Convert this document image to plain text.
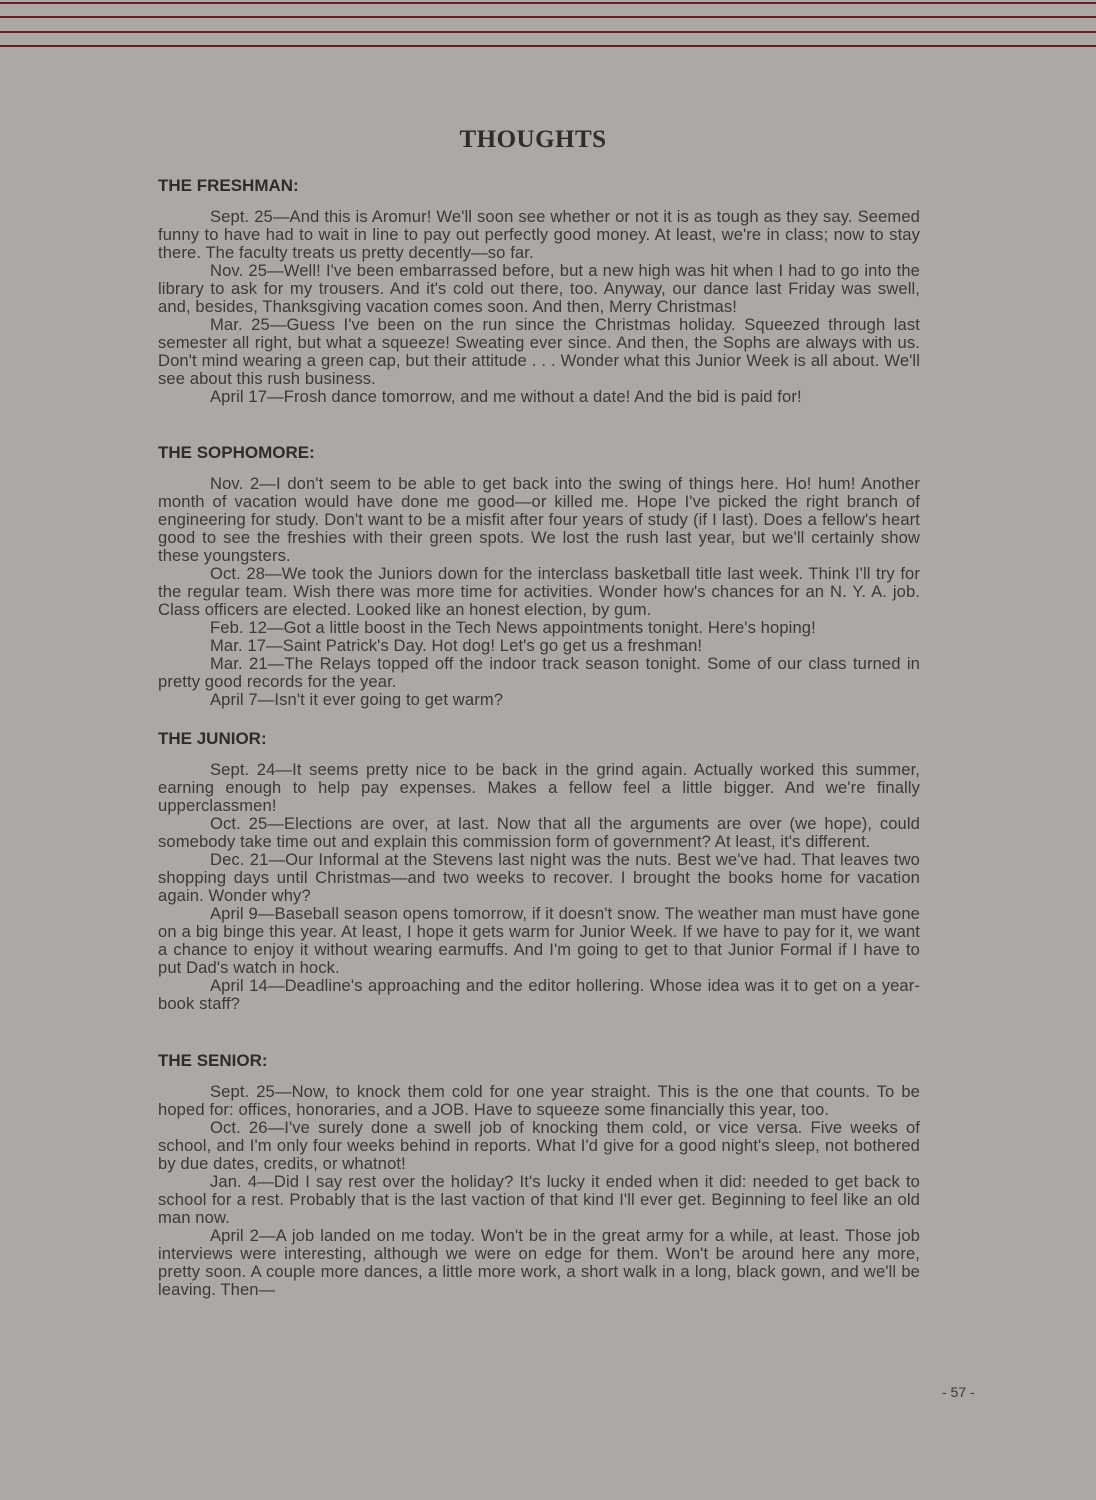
THOUGHTS
THE FRESHMAN:

Sept. 25—And this is Aromur! We'll soon see whether or not it is as tough as they say. Seemed funny to have had to wait in line to pay out perfectly good money. At least, we're in class; now to stay there. The faculty treats us pretty decently—so far.

Nov. 25—Well! I've been embarrassed before, but a new high was hit when I had to go into the library to ask for my trousers. And it's cold out there, too. Anyway, our dance last Friday was swell, and, besides, Thanksgiving vacation comes soon. And then, Merry Christmas!

Mar. 25—Guess I've been on the run since the Christmas holiday. Squeezed through last semester all right, but what a squeeze! Sweating ever since. And then, the Sophs are always with us. Don't mind wearing a green cap, but their attitude . . . Wonder what this Junior Week is all about. We'll see about this rush business.

April 17—Frosh dance tomorrow, and me without a date! And the bid is paid for!

THE SOPHOMORE:

Nov. 2—I don't seem to be able to get back into the swing of things here. Ho! hum! Another month of vacation would have done me good—or killed me. Hope I've picked the right branch of engineering for study. Don't want to be a misfit after four years of study (if I last). Does a fellow's heart good to see the freshies with their green spots. We lost the rush last year, but we'll certainly show these youngsters.

Oct. 28—We took the Juniors down for the interclass basketball title last week. Think I'll try for the regular team. Wish there was more time for activities. Wonder how's chances for an N. Y. A. job. Class officers are elected. Looked like an honest election, by gum.

Feb. 12—Got a little boost in the Tech News appointments tonight. Here's hoping!

Mar. 17—Saint Patrick's Day. Hot dog! Let's go get us a freshman!

Mar. 21—The Relays topped off the indoor track season tonight. Some of our class turned in pretty good records for the year.

April 7—Isn't it ever going to get warm?

THE JUNIOR:

Sept. 24—It seems pretty nice to be back in the grind again. Actually worked this summer, earning enough to help pay expenses. Makes a fellow feel a little bigger. And we're finally upperclassmen!

Oct. 25—Elections are over, at last. Now that all the arguments are over (we hope), could somebody take time out and explain this commission form of government? At least, it's different.

Dec. 21—Our Informal at the Stevens last night was the nuts. Best we've had. That leaves two shopping days until Christmas—and two weeks to recover. I brought the books home for vacation again. Wonder why?

April 9—Baseball season opens tomorrow, if it doesn't snow. The weather man must have gone on a big binge this year. At least, I hope it gets warm for Junior Week. If we have to pay for it, we want a chance to enjoy it without wearing earmuffs. And I'm going to get to that Junior Formal if I have to put Dad's watch in hock.

April 14—Deadline's approaching and the editor hollering. Whose idea was it to get on a year-book staff?

THE SENIOR:

Sept. 25—Now, to knock them cold for one year straight. This is the one that counts. To be hoped for: offices, honoraries, and a JOB. Have to squeeze some financially this year, too.

Oct. 26—I've surely done a swell job of knocking them cold, or vice versa. Five weeks of school, and I'm only four weeks behind in reports. What I'd give for a good night's sleep, not bothered by due dates, credits, or whatnot!

Jan. 4—Did I say rest over the holiday? It's lucky it ended when it did: needed to get back to school for a rest. Probably that is the last vaction of that kind I'll ever get. Beginning to feel like an old man now.

April 2—A job landed on me today. Won't be in the great army for a while, at least. Those job interviews were interesting, although we were on edge for them. Won't be around here any more, pretty soon. A couple more dances, a little more work, a short walk in a long, black gown, and we'll be leaving. Then—

- 57 -
